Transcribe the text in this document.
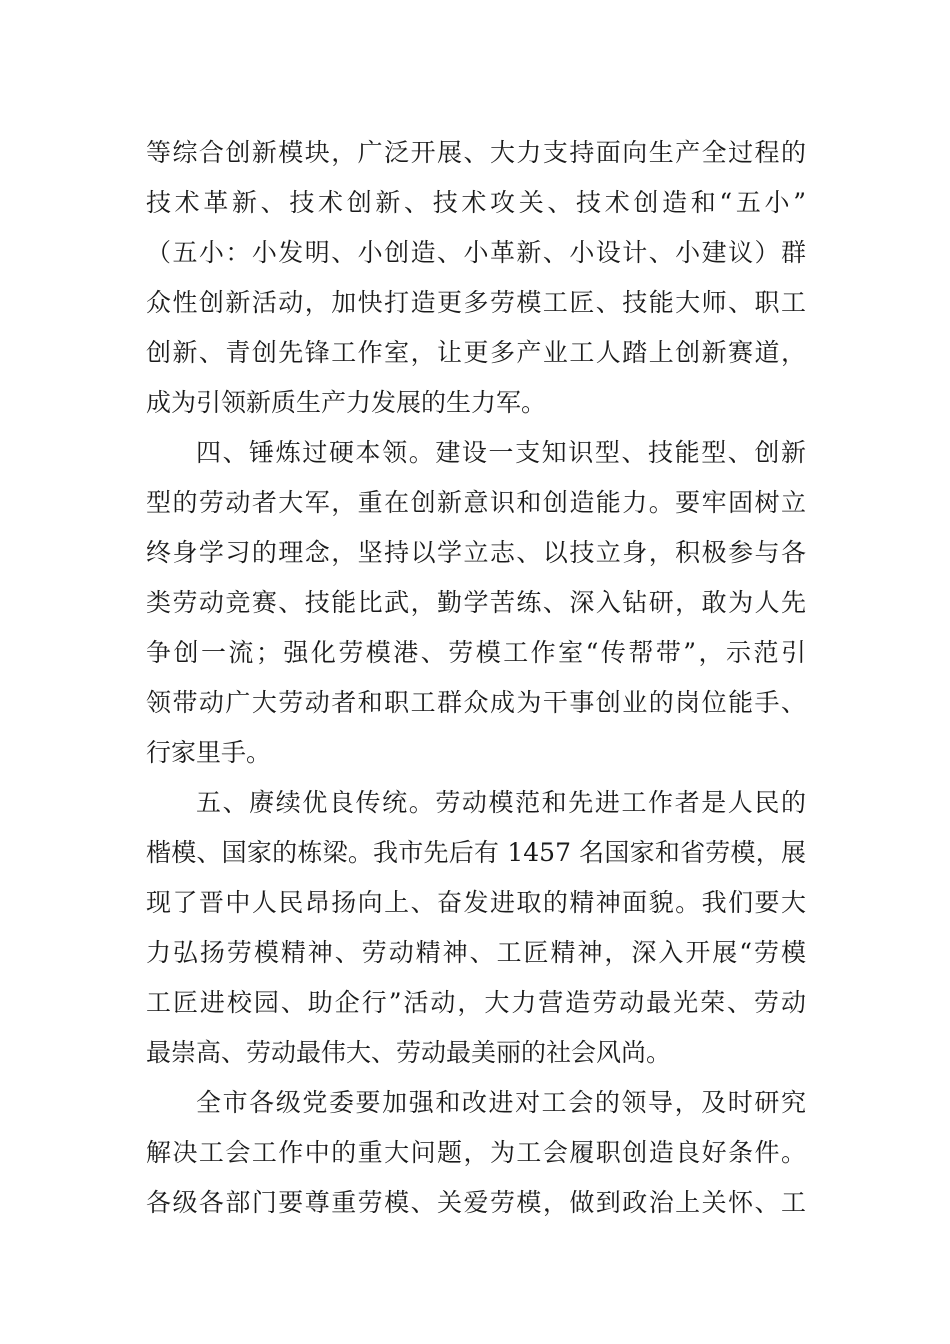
等综合创新模块，广泛开展、大力支持面向生产全过程的
技术革新、技术创新、技术攻关、技术创造和“五小”
（五小：小发明、小创造、小革新、小设计、小建议）群
众性创新活动，加快打造更多劳模工匠、技能大师、职工
创新、青创先锋工作室，让更多产业工人踏上创新赛道，
成为引领新质生产力发展的生力军。
四、锤炼过硬本领。建设一支知识型、技能型、创新
型的劳动者大军，重在创新意识和创造能力。要牢固树立
终身学习的理念，坚持以学立志、以技立身，积极参与各
类劳动竞赛、技能比武，勤学苦练、深入钻研，敢为人先
争创一流；强化劳模港、劳模工作室“传帮带”，示范引
领带动广大劳动者和职工群众成为干事创业的岗位能手、
行家里手。
五、赓续优良传统。劳动模范和先进工作者是人民的
楷模、国家的栋梁。我市先后有 1457 名国家和省劳模，展
现了晋中人民昂扬向上、奋发进取的精神面貌。我们要大
力弘扬劳模精神、劳动精神、工匠精神，深入开展“劳模
工匠进校园、助企行”活动，大力营造劳动最光荣、劳动
最崇高、劳动最伟大、劳动最美丽的社会风尚。
全市各级党委要加强和改进对工会的领导，及时研究
解决工会工作中的重大问题，为工会履职创造良好条件。
各级各部门要尊重劳模、关爱劳模，做到政治上关怀、工
